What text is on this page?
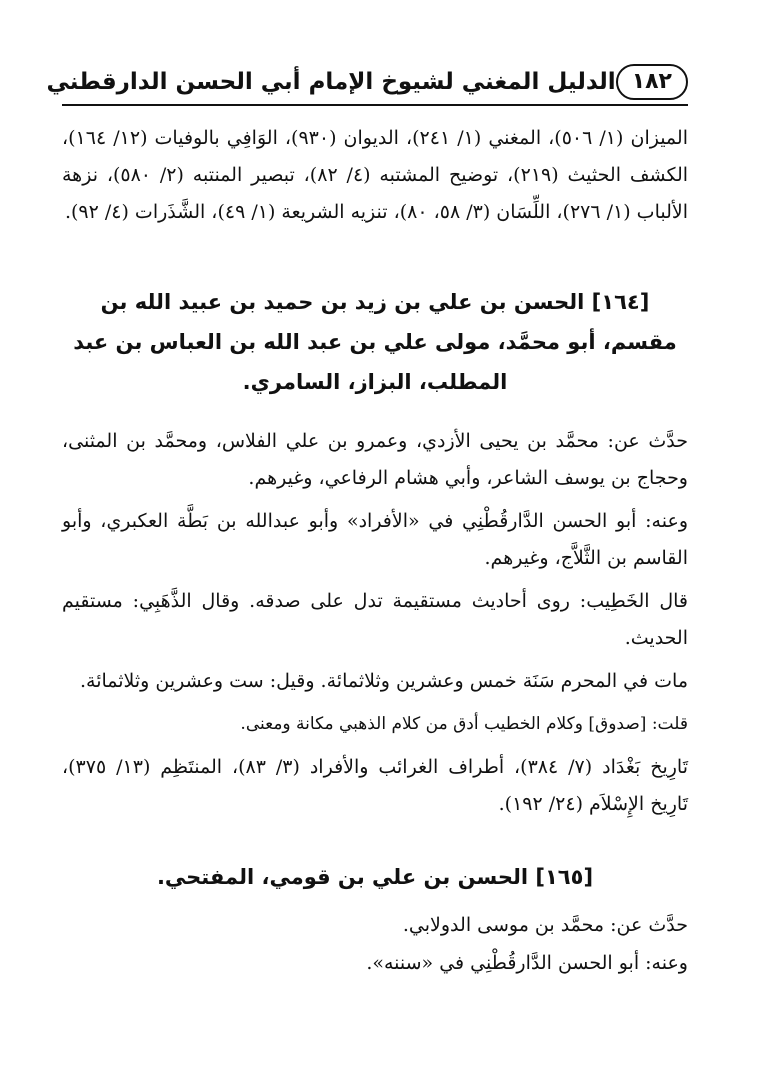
١٨٢
الدليل المغني لشيوخ الإمام أبي الحسن الدارقطني

الميزان (١/ ٥٠٦)، المغني (١/ ٢٤١)، الديوان (٩٣٠)، الوَافِي بالوفيات (١٢/ ١٦٤)، الكشف الحثيث (٢١٩)، توضيح المشتبه (٤/ ٨٢)، تبصير المنتبه (٢/ ٥٨٠)، نزهة الألباب (١/ ٢٧٦)، اللِّسَان (٣/ ٥٨، ٨٠)، تنزيه الشريعة (١/ ٤٩)، الشَّذَرات (٤/ ٩٢).

[١٦٤] الحسن بن علي بن زيد بن حميد بن عبيد الله بن مقسم، أبو محمَّد، مولى علي بن عبد الله بن العباس بن عبد المطلب، البزاز، السامري.

حدَّث عن: محمَّد بن يحيى الأزدي، وعمرو بن علي الفلاس، ومحمَّد بن المثنى، وحجاج بن يوسف الشاعر، وأبي هشام الرفاعي، وغيرهم.

وعنه: أبو الحسن الدَّارقُطْنِي في «الأفراد» وأبو عبدالله بن بَطَّة العكبري، وأبو القاسم بن الثَّلاَّج، وغيرهم.

قال الخَطِيب: روى أحاديث مستقيمة تدل على صدقه. وقال الذَّهَبِي: مستقيم الحديث.

مات في المحرم سَنَة خمس وعشرين وثلاثمائة. وقيل: ست وعشرين وثلاثمائة.

قلت: [صدوق] وكلام الخطيب أدق من كلام الذهبي مكانة ومعنى.

تَارِيخ بَغْدَاد (٧/ ٣٨٤)، أطراف الغرائب والأفراد (٣/ ٨٣)، المنتَظِم (١٣/ ٣٧٥)، تَارِيخ الإِسْلاَم (٢٤/ ١٩٢).

[١٦٥] الحسن بن علي بن قومي، المفتحي.

حدَّث عن: محمَّد بن موسى الدولابي.

وعنه: أبو الحسن الدَّارقُطْنِي في «سننه».
